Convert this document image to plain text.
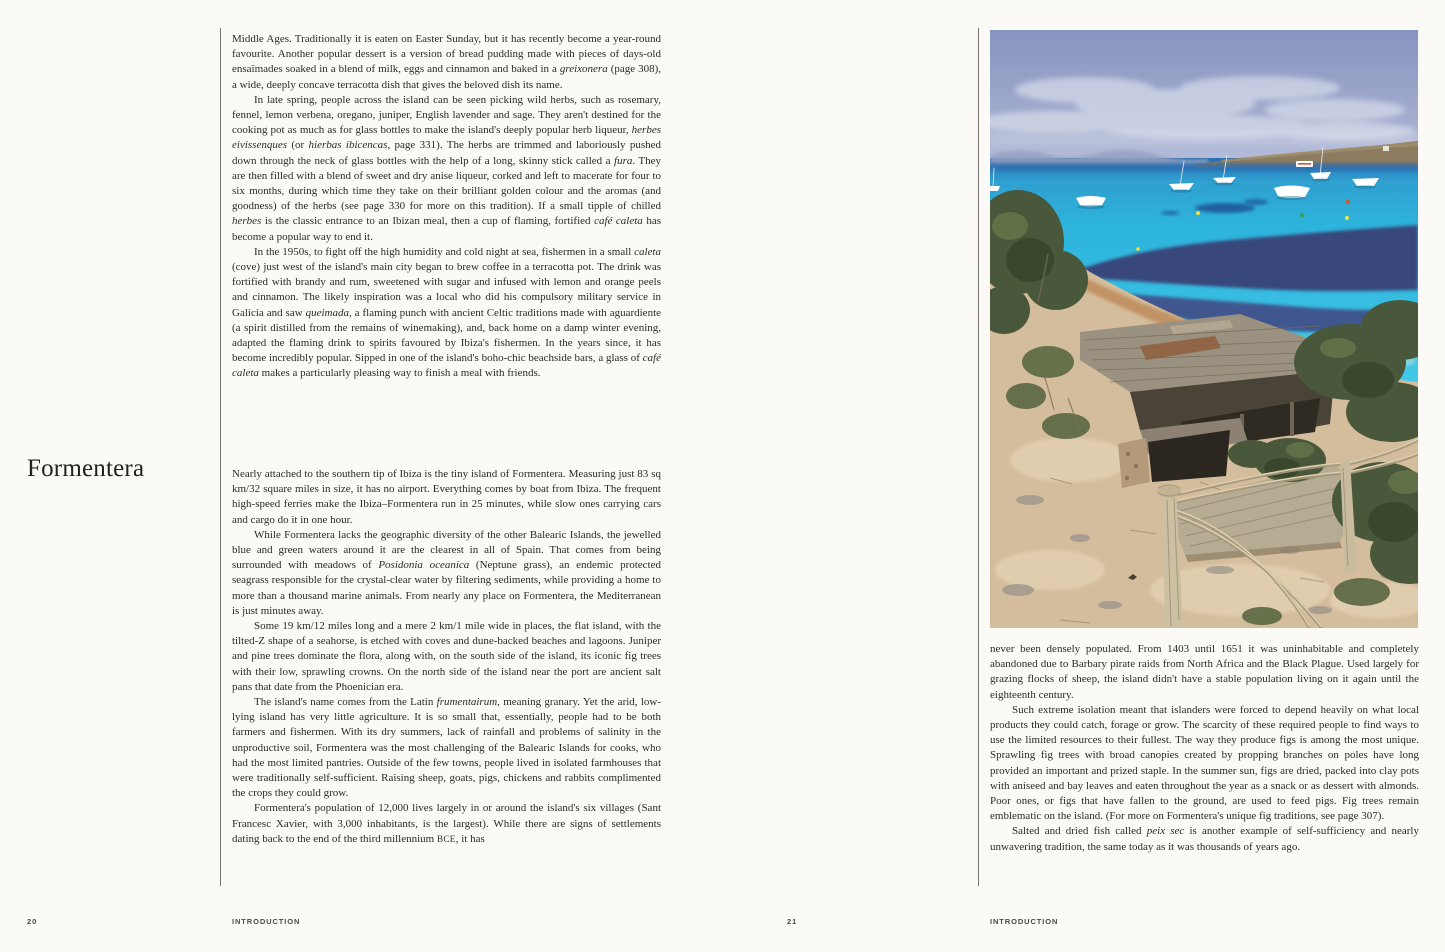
Formentera

Middle Ages. Traditionally it is eaten on Easter Sunday, but it has recently become a year-round favourite. Another popular dessert is a version of bread pudding made with pieces of days-old ensaïmades soaked in a blend of milk, eggs and cinnamon and baked in a greixonera (page 308), a wide, deeply concave terracotta dish that gives the beloved dish its name.

In late spring, people across the island can be seen picking wild herbs, such as rosemary, fennel, lemon verbena, oregano, juniper, English lavender and sage. They aren't destined for the cooking pot as much as for glass bottles to make the island's deeply popular herb liqueur, herbes eivissenques (or hierbas ibicencas, page 331). The herbs are trimmed and laboriously pushed down through the neck of glass bottles with the help of a long, skinny stick called a fura. They are then filled with a blend of sweet and dry anise liqueur, corked and left to macerate for four to six months, during which time they take on their brilliant golden colour and the aromas (and goodness) of the herbs (see page 330 for more on this tradition). If a small tipple of chilled herbes is the classic entrance to an Ibizan meal, then a cup of flaming, fortified café caleta has become a popular way to end it.

In the 1950s, to fight off the high humidity and cold night at sea, fishermen in a small caleta (cove) just west of the island's main city began to brew coffee in a terracotta pot. The drink was fortified with brandy and rum, sweetened with sugar and infused with lemon and orange peels and cinnamon. The likely inspiration was a local who did his compulsory military service in Galicia and saw queimada, a flaming punch with ancient Celtic traditions made with aguardiente (a spirit distilled from the remains of winemaking), and, back home on a damp winter evening, adapted the flaming drink to spirits favoured by Ibiza's fishermen. In the years since, it has become incredibly popular. Sipped in one of the island's boho-chic beachside bars, a glass of café caleta makes a particularly pleasing way to finish a meal with friends.

Nearly attached to the southern tip of Ibiza is the tiny island of Formentera. Measuring just 83 sq km/32 square miles in size, it has no airport. Everything comes by boat from Ibiza. The frequent high-speed ferries make the Ibiza–Formentera run in 25 minutes, while slow ones carrying cars and cargo do it in one hour.

While Formentera lacks the geographic diversity of the other Balearic Islands, the jewelled blue and green waters around it are the clearest in all of Spain. That comes from being surrounded with meadows of Posidonia oceanica (Neptune grass), an endemic protected seagrass responsible for the crystal-clear water by filtering sediments, while providing a home to more than a thousand marine animals. From nearly any place on Formentera, the Mediterranean is just minutes away.

Some 19 km/12 miles long and a mere 2 km/1 mile wide in places, the flat island, with the tilted-Z shape of a seahorse, is etched with coves and dune-backed beaches and lagoons. Juniper and pine trees dominate the flora, along with, on the south side of the island, its iconic fig trees with their low, sprawling crowns. On the north side of the island near the port are ancient salt pans that date from the Phoenician era.

The island's name comes from the Latin frumentairum, meaning granary. Yet the arid, low-lying island has very little agriculture. It is so small that, essentially, people had to be both farmers and fishermen. With its dry summers, lack of rainfall and problems of salinity in the unproductive soil, Formentera was the most challenging of the Balearic Islands for cooks, who had the most limited pantries. Outside of the few towns, people lived in isolated farmhouses that were traditionally self-sufficient. Raising sheep, goats, pigs, chickens and rabbits complimented the crops they could grow.

Formentera's population of 12,000 lives largely in or around the island's six villages (Sant Francesc Xavier, with 3,000 inhabitants, is the largest). While there are signs of settlements dating back to the end of the third millennium BCE, it has

never been densely populated. From 1403 until 1651 it was uninhabitable and completely abandoned due to Barbary pirate raids from North Africa and the Black Plague. Used largely for grazing flocks of sheep, the island didn't have a stable population living on it again until the eighteenth century.

Such extreme isolation meant that islanders were forced to depend heavily on what local products they could catch, forage or grow. The scarcity of these required people to find ways to use the limited resources to their fullest. The way they produce figs is among the most unique. Sprawling fig trees with broad canopies created by propping branches on poles have long provided an important and prized staple. In the summer sun, figs are dried, packed into clay pots with aniseed and bay leaves and eaten throughout the year as a snack or as dessert with almonds. Poor ones, or figs that have fallen to the ground, are used to feed pigs. Fig trees remain emblematic on the island. (For more on Formentera's unique fig traditions, see page 307).

Salted and dried fish called peix sec is another example of self-sufficiency and nearly unwavering tradition, the same today as it was thousands of years ago.

20	INTRODUCTION	21	INTRODUCTION
